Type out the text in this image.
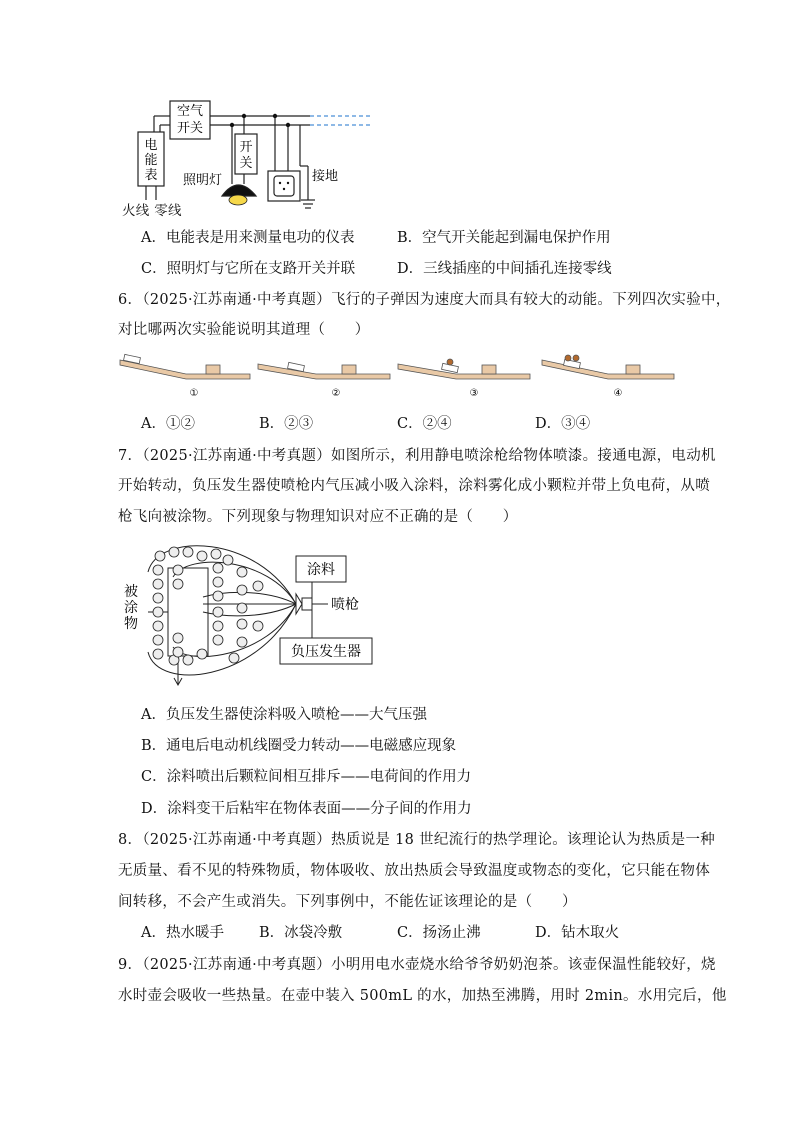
空气
开关
电
能
表
开
关
照明灯	接地
火线 零线
A．电能表是用来测量电功的仪表	B．空气开关能起到漏电保护作用
C．照明灯与它所在支路开关并联	D．三线插座的中间插孔连接零线
6．（2025·江苏南通·中考真题）飞行的子弹因为速度大而具有较大的动能。下列四次实验中，
对比哪两次实验能说明其道理（　　）
①	②	③	④
A．①②	B．②③	C．②④	D．③④
7．（2025·江苏南通·中考真题）如图所示，利用静电喷涂枪给物体喷漆。接通电源，电动机
开始转动，负压发生器使喷枪内气压减小吸入涂料，涂料雾化成小颗粒并带上负电荷，从喷
枪飞向被涂物。下列现象与物理知识对应不正确的是（　　）
被
涂
物
涂料
喷枪
负压发生器
A．负压发生器使涂料吸入喷枪——大气压强
B．通电后电动机线圈受力转动——电磁感应现象
C．涂料喷出后颗粒间相互排斥——电荷间的作用力
D．涂料变干后粘牢在物体表面——分子间的作用力
8．（2025·江苏南通·中考真题）热质说是 18 世纪流行的热学理论。该理论认为热质是一种
无质量、看不见的特殊物质，物体吸收、放出热质会导致温度或物态的变化，它只能在物体
间转移，不会产生或消失。下列事例中，不能佐证该理论的是（　　）
A．热水暖手 B．冰袋冷敷	C．扬汤止沸	D．钻木取火
9．（2025·江苏南通·中考真题）小明用电水壶烧水给爷爷奶奶泡茶。该壶保温性能较好，烧
水时壶会吸收一些热量。在壶中装入 500mL 的水，加热至沸腾，用时 2min。水用完后，他
